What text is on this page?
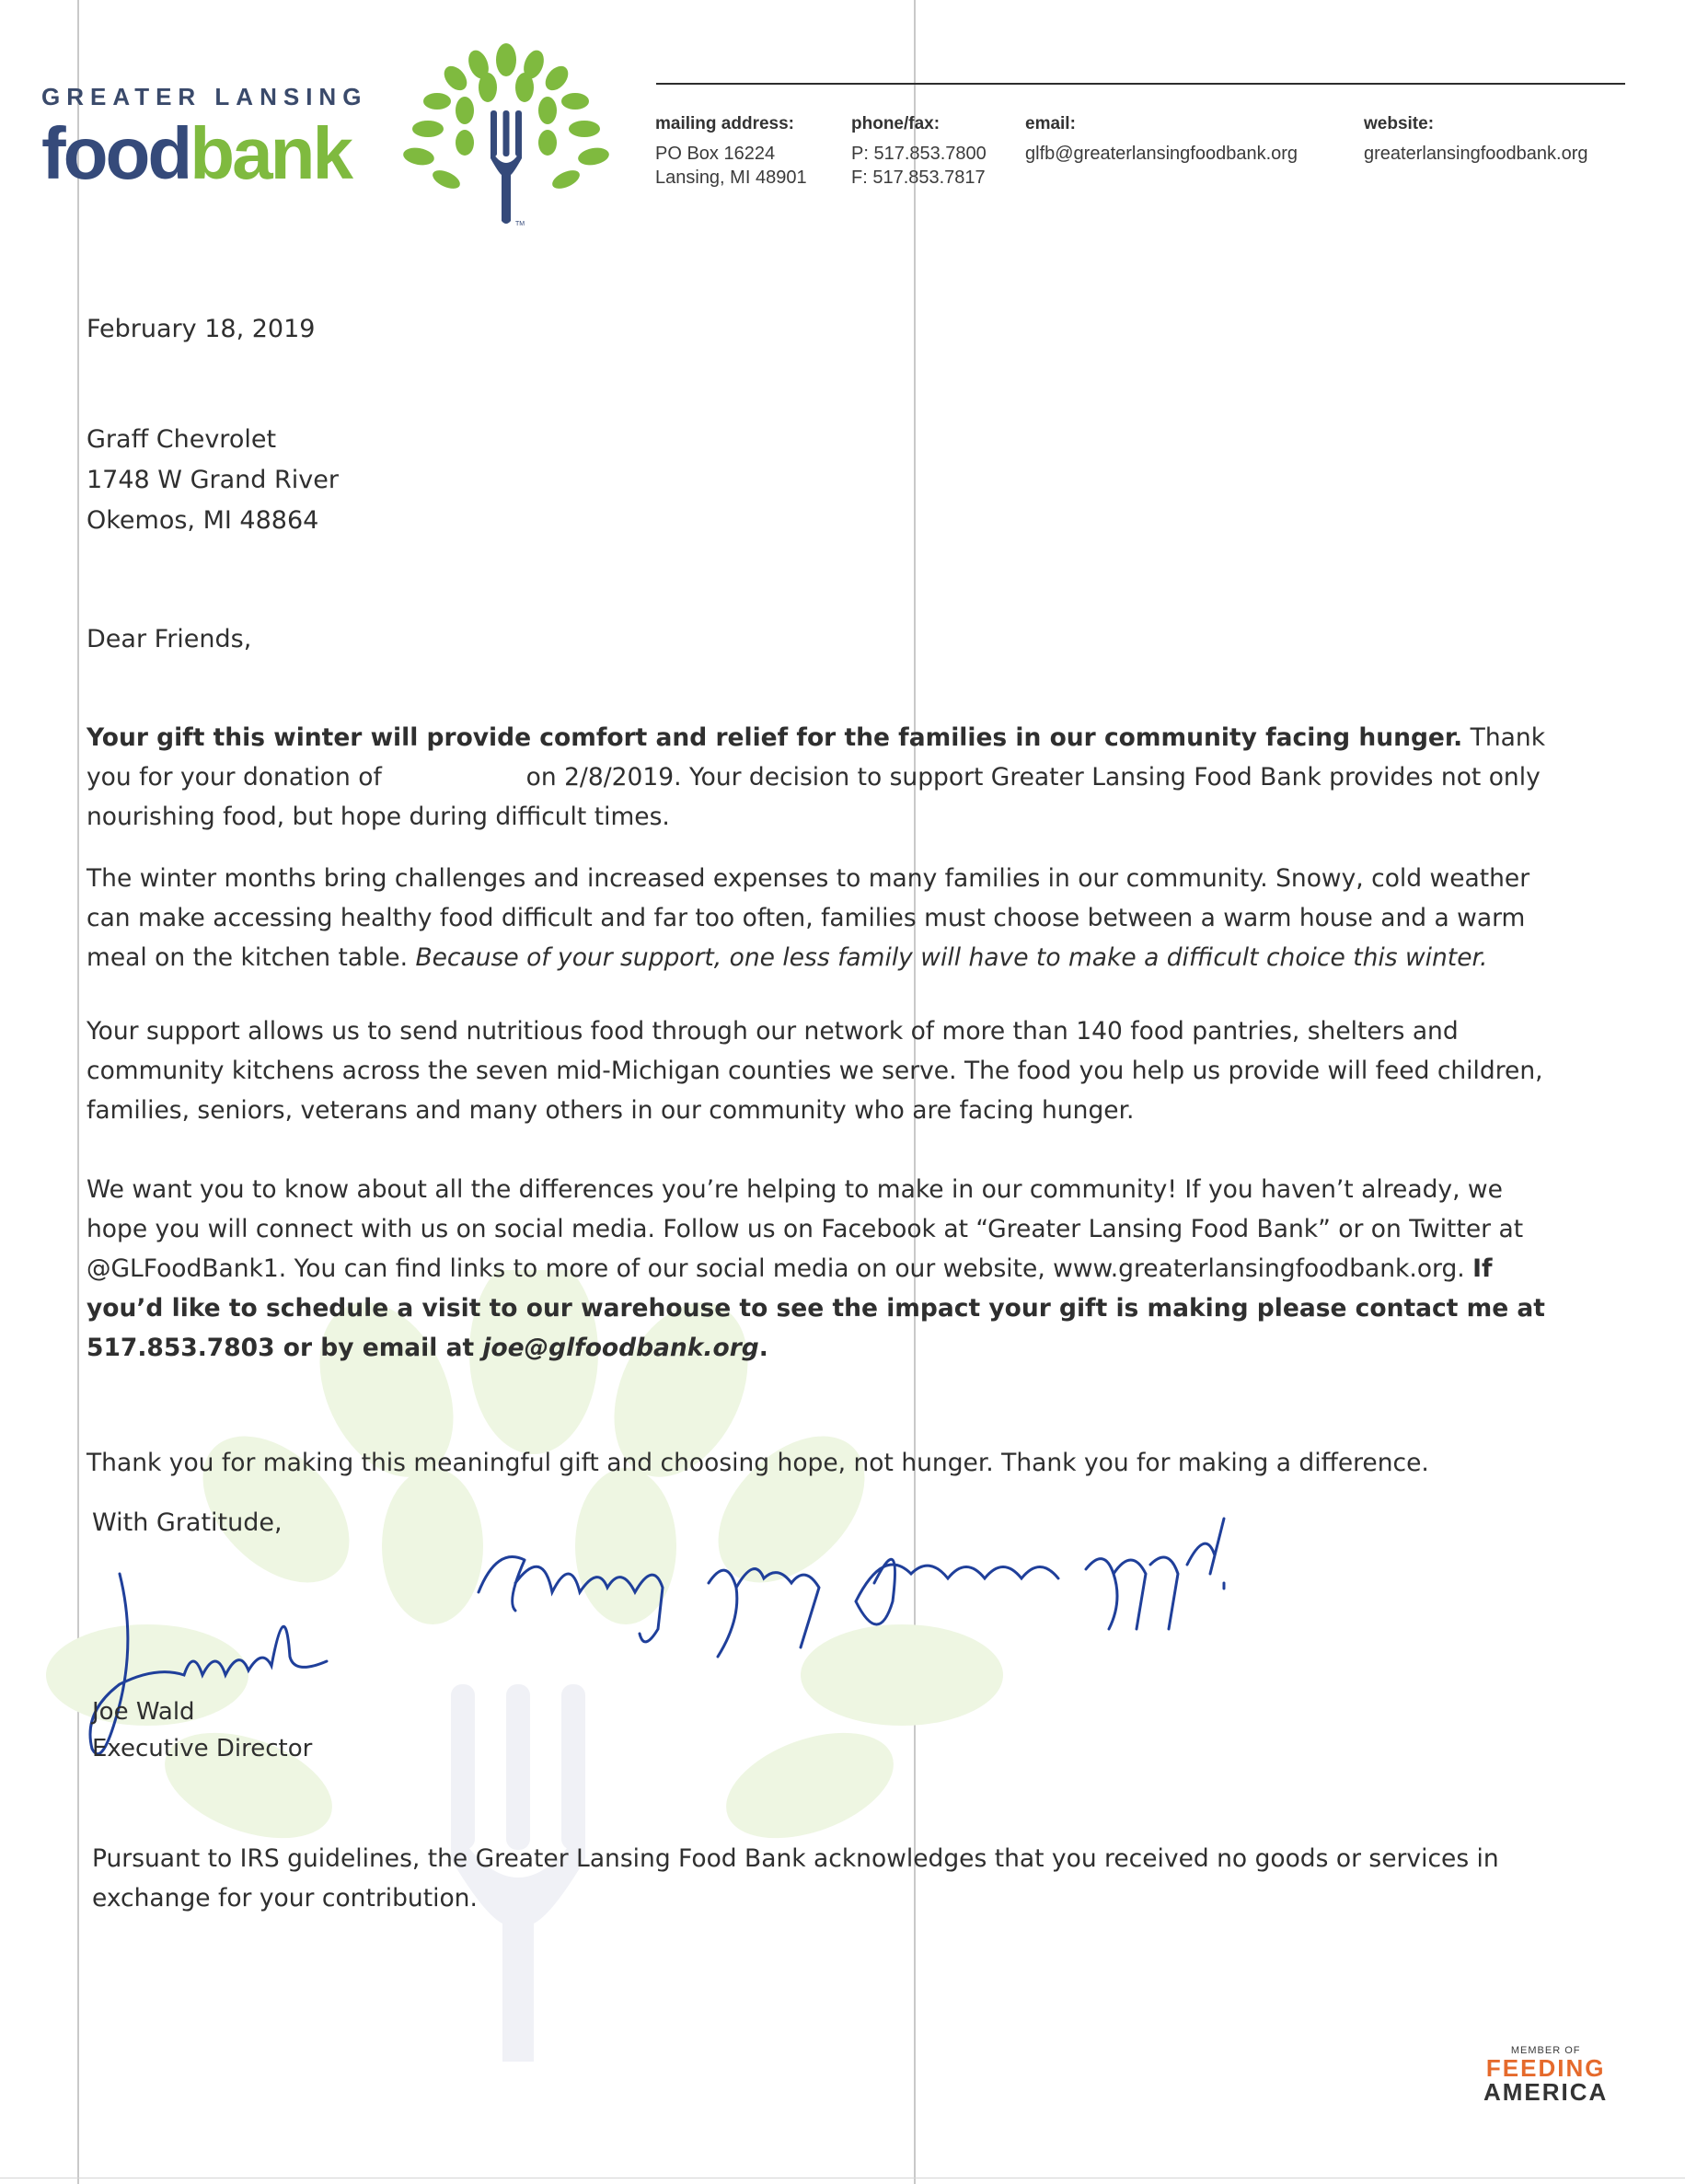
GREATER LANSING
foodbank
TM
mailing address:
PO Box 16224
Lansing, MI 48901
phone/fax:
P: 517.853.7800
F: 517.853.7817
email:
glfb@greaterlansingfoodbank.org
website:
greaterlansingfoodbank.org
February 18, 2019
Graff Chevrolet
1748 W Grand River
Okemos, MI 48864
Dear Friends,
Your gift this winter will provide comfort and relief for the families in our community facing hunger. Thank you for your donation of	on 2/8/2019. Your decision to support Greater Lansing Food Bank provides not only nourishing food, but hope during difficult times.
The winter months bring challenges and increased expenses to many families in our community. Snowy, cold weather can make accessing healthy food difficult and far too often, families must choose between a warm house and a warm meal on the kitchen table. Because of your support, one less family will have to make a difficult choice this winter.
Your support allows us to send nutritious food through our network of more than 140 food pantries, shelters and community kitchens across the seven mid-Michigan counties we serve. The food you help us provide will feed children, families, seniors, veterans and many others in our community who are facing hunger.
We want you to know about all the differences you’re helping to make in our community! If you haven’t already, we hope you will connect with us on social media. Follow us on Facebook at “Greater Lansing Food Bank” or on Twitter at @GLFoodBank1. You can find links to more of our social media on our website, www.greaterlansingfoodbank.org. If you’d like to schedule a visit to our warehouse to see the impact your gift is making please contact me at 517.853.7803 or by email at joe@glfoodbank.org.
Thank you for making this meaningful gift and choosing hope, not hunger. Thank you for making a difference.
With Gratitude,
Joe Wald
Executive Director
Pursuant to IRS guidelines, the Greater Lansing Food Bank acknowledges that you received no goods or services in exchange for your contribution.
MEMBER OF
FEEDING
AMERICA
